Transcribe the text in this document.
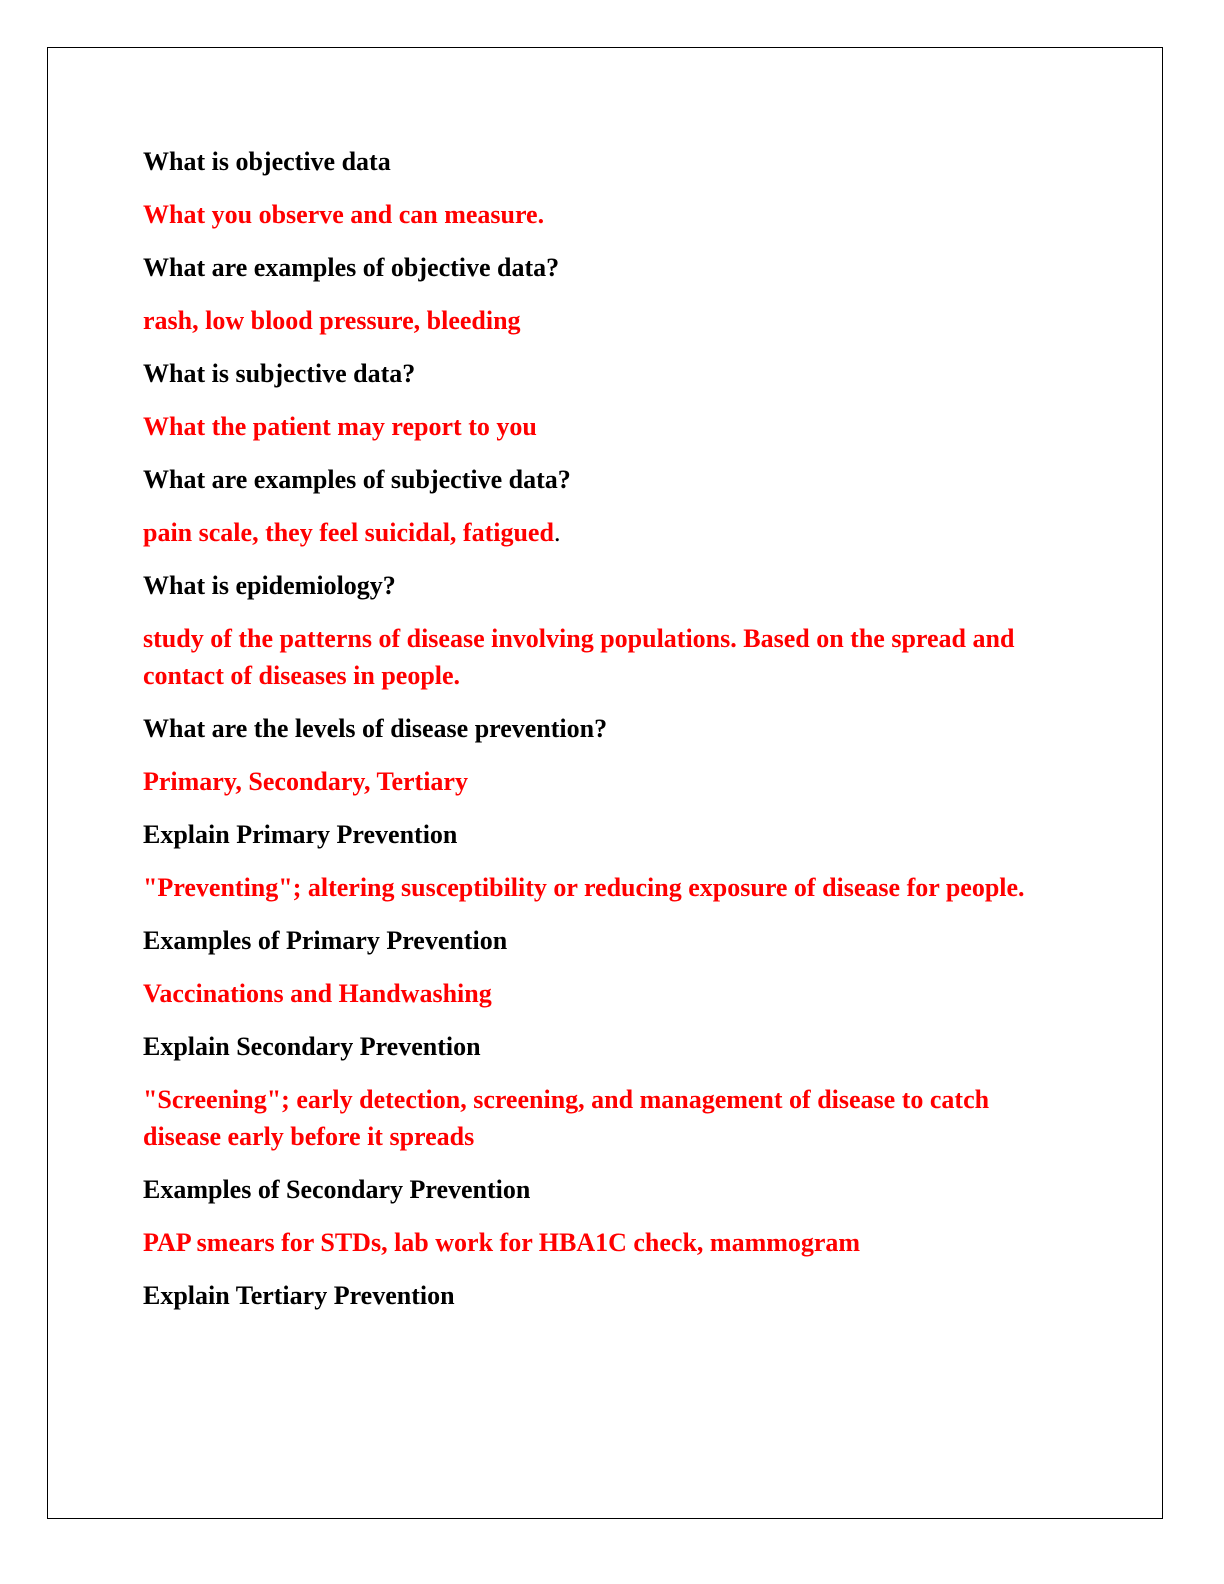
What is objective data

What you observe and can measure.

What are examples of objective data?

rash, low blood pressure, bleeding

What is subjective data?

What the patient may report to you

What are examples of subjective data?

pain scale, they feel suicidal, fatigued.

What is epidemiology?

study of the patterns of disease involving populations. Based on the spread and contact of diseases in people.

What are the levels of disease prevention?

Primary, Secondary, Tertiary

Explain Primary Prevention

"Preventing"; altering susceptibility or reducing exposure of disease for people.

Examples of Primary Prevention

Vaccinations and Handwashing

Explain Secondary Prevention

"Screening"; early detection, screening, and management of disease to catch disease early before it spreads

Examples of Secondary Prevention

PAP smears for STDs, lab work for HBA1C check, mammogram

Explain Tertiary Prevention
